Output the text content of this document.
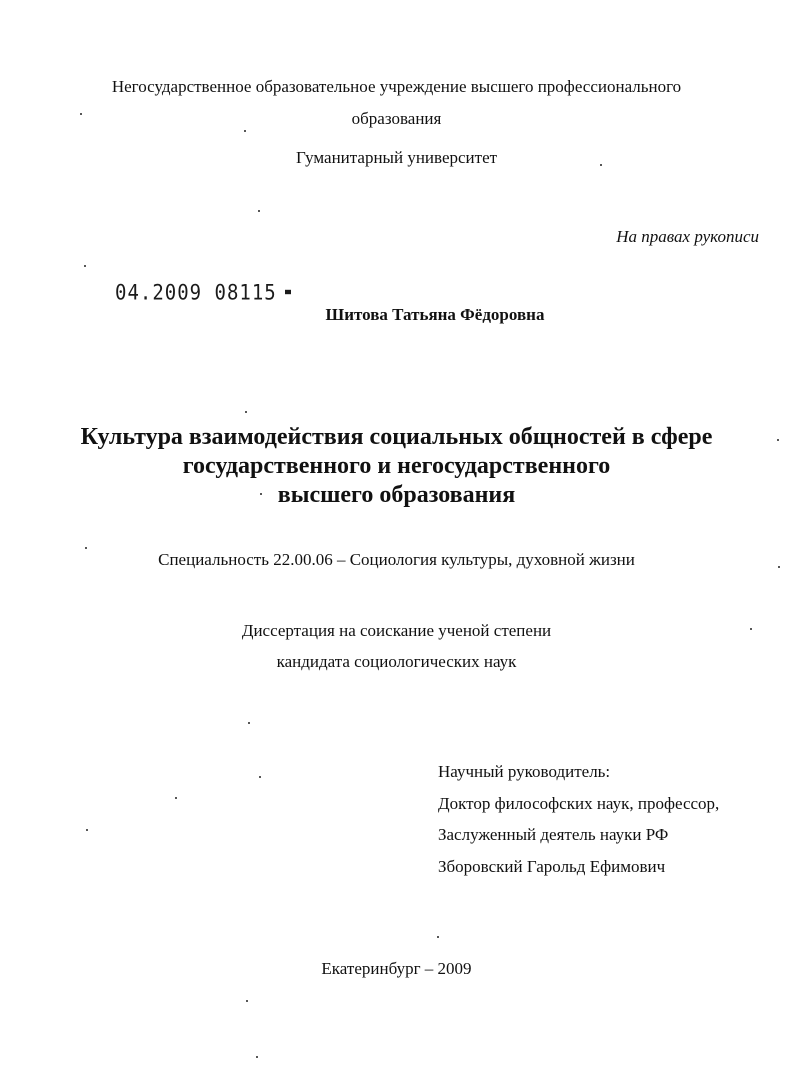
Негосударственное образовательное учреждение высшего профессионального
образования
Гуманитарный университет
На правах рукописи
04.2009 08115
Шитова Татьяна Фёдоровна
Культура взаимодействия социальных общностей в сфере
государственного и негосударственного
высшего образования
Специальность 22.00.06 – Социология культуры, духовной жизни
Диссертация на соискание ученой степени
кандидата социологических наук
Научный руководитель:
Доктор философских наук, профессор,
Заслуженный деятель науки РФ
Зборовский Гарольд Ефимович
Екатеринбург – 2009
